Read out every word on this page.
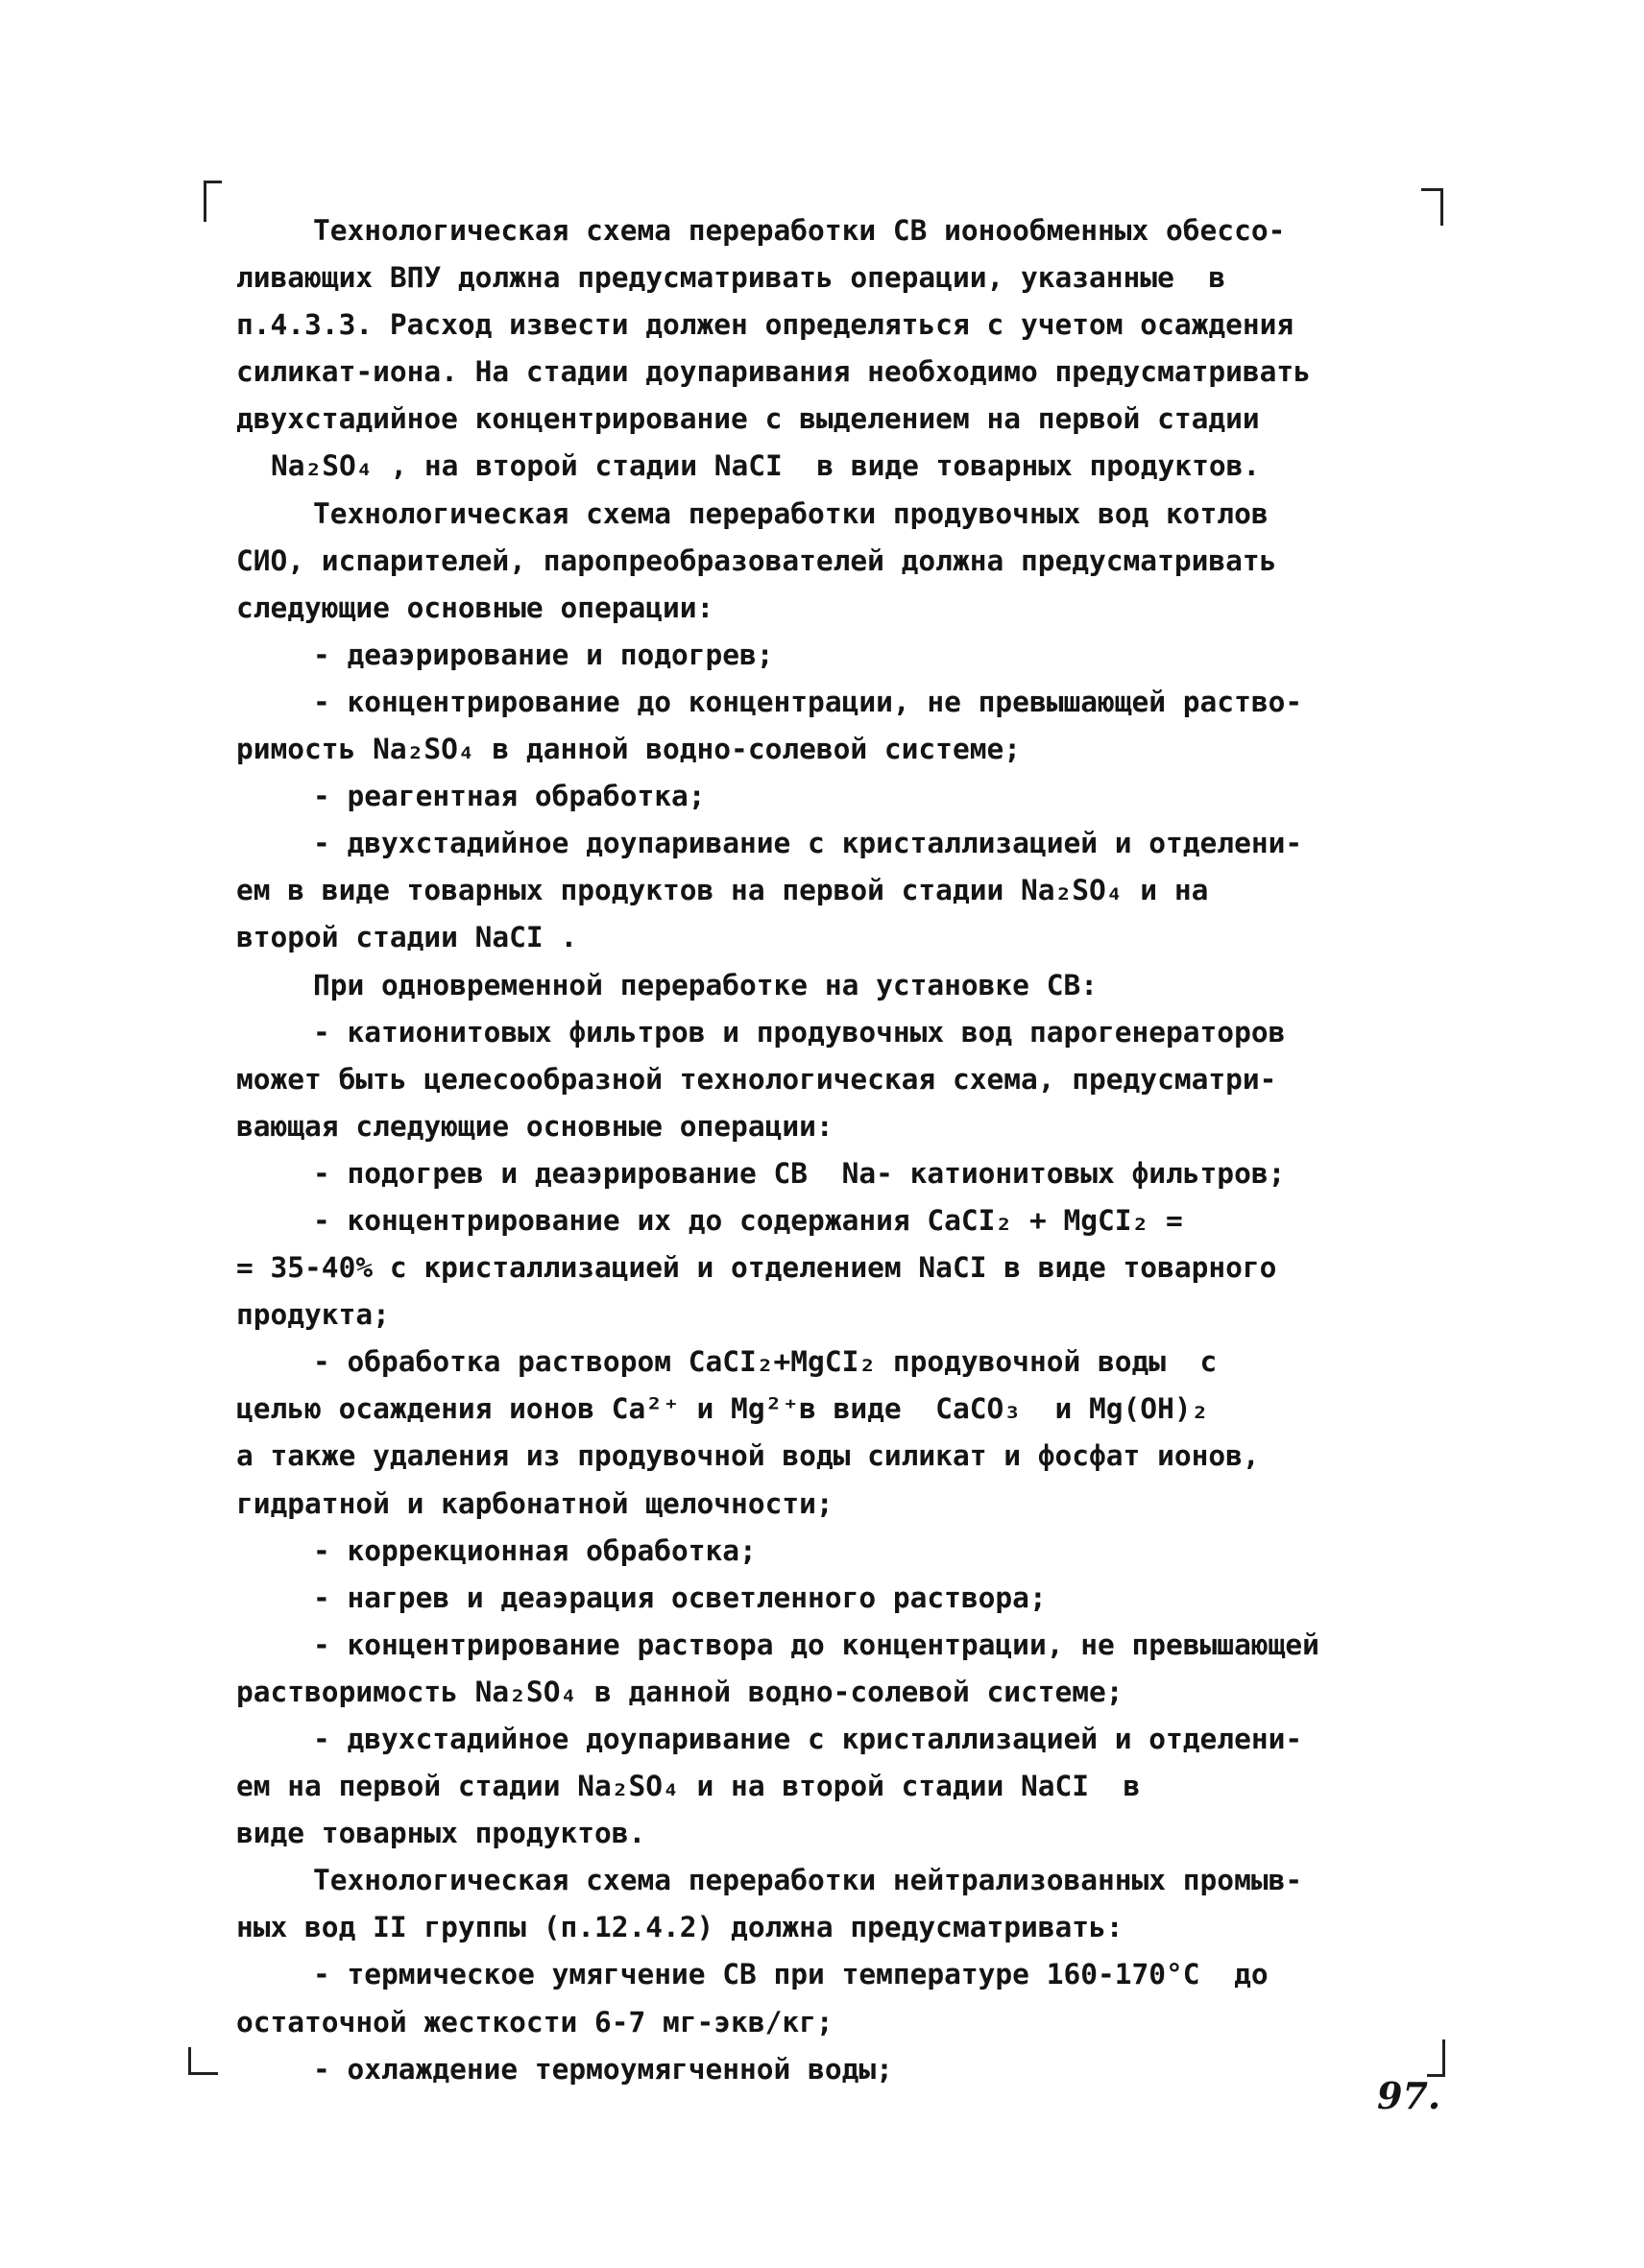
Технологическая схема переработки СВ ионообменных обессо-
ливающих ВПУ должна предусматривать операции, указанные  в
п.4.3.3. Расход извести должен определяться с учетом осаждения
силикат-иона. На стадии доупаривания необходимо предусматривать
двухстадийное концентрирование с выделением на первой стадии
Na₂SO₄ , на второй стадии NaCI  в виде товарных продуктов.
Технологическая схема переработки продувочных вод котлов
СИО, испарителей, паропреобразователей должна предусматривать
следующие основные операции:
- деаэрирование и подогрев;
- концентрирование до концентрации, не превышающей раство-
римость Na₂SO₄ в данной водно-солевой системе;
- реагентная обработка;
- двухстадийное доупаривание с кристаллизацией и отделени-
ем в виде товарных продуктов на первой стадии Na₂SO₄ и на
второй стадии NaCI .
При одновременной переработке на установке СВ:
- катионитовых фильтров и продувочных вод парогенераторов
может быть целесообразной технологическая схема, предусматри-
вающая следующие основные операции:
- подогрев и деаэрирование СВ  Na- катионитовых фильтров;
- концентрирование их до содержания CaCI₂ + MgCI₂ =
= 35-40% с кристаллизацией и отделением NaCI в виде товарного
продукта;
- обработка раствором CaCI₂+MgCI₂ продувочной воды  с
целью осаждения ионов Ca²⁺ и Mg²⁺в виде  CaCO₃  и Mg(OH)₂
а также удаления из продувочной воды силикат и фосфат ионов,
гидратной и карбонатной щелочности;
- коррекционная обработка;
- нагрев и деаэрация осветленного раствора;
- концентрирование раствора до концентрации, не превышающей
растворимость Na₂SO₄ в данной водно-солевой системе;
- двухстадийное доупаривание с кристаллизацией и отделени-
ем на первой стадии Na₂SO₄ и на второй стадии NaCI  в
виде товарных продуктов.
Технологическая схема переработки нейтрализованных промыв-
ных вод II группы (п.12.4.2) должна предусматривать:
- термическое умягчение СВ при температуре 160-170°С  до
остаточной жесткости 6-7 мг-экв/кг;
- охлаждение термоумягченной воды;
97.
